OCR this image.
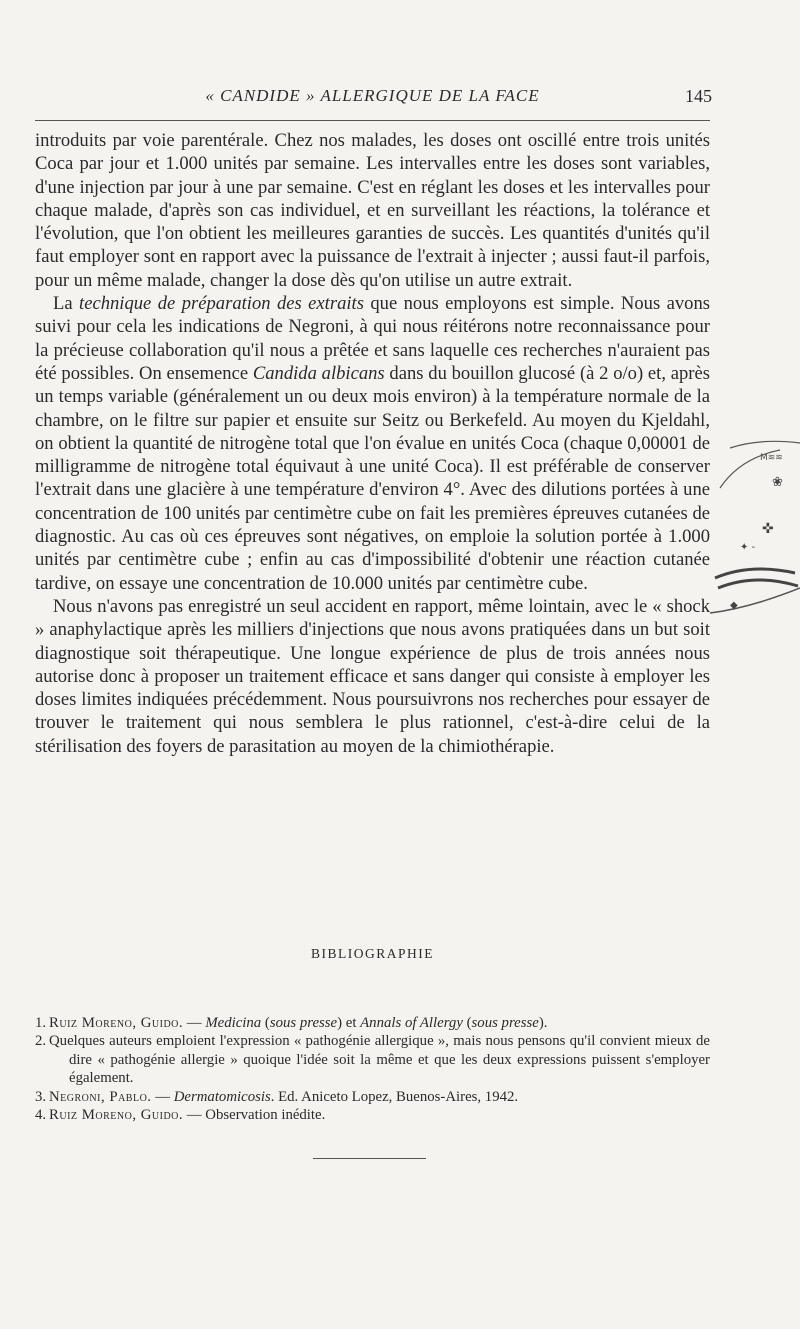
« CANDIDE » ALLERGIQUE DE LA FACE	145

introduits par voie parentérale. Chez nos malades, les doses ont oscillé entre trois unités Coca par jour et 1.000 unités par semaine. Les intervalles entre les doses sont variables, d'une injection par jour à une par semaine. C'est en réglant les doses et les intervalles pour chaque malade, d'après son cas individuel, et en surveillant les réactions, la tolérance et l'évolution, que l'on obtient les meilleures garanties de succès. Les quantités d'unités qu'il faut employer sont en rapport avec la puissance de l'extrait à injecter ; aussi faut-il parfois, pour un même malade, changer la dose dès qu'on utilise un autre extrait.

La technique de préparation des extraits que nous employons est simple. Nous avons suivi pour cela les indications de Negroni, à qui nous réitérons notre reconnaissance pour la précieuse collaboration qu'il nous a prêtée et sans laquelle ces recherches n'auraient pas été possibles. On ensemence Candida albicans dans du bouillon glucosé (à 2 o/o) et, après un temps variable (généralement un ou deux mois environ) à la température normale de la chambre, on le filtre sur papier et ensuite sur Seitz ou Berkefeld. Au moyen du Kjeldahl, on obtient la quantité de nitrogène total que l'on évalue en unités Coca (chaque 0,00001 de milligramme de nitrogène total équivaut à une unité Coca). Il est préférable de conserver l'extrait dans une glacière à une température d'environ 4°. Avec des dilutions portées à une concentration de 100 unités par centimètre cube on fait les premières épreuves cutanées de diagnostic. Au cas où ces épreuves sont négatives, on emploie la solution portée à 1.000 unités par centimètre cube ; enfin au cas d'impossibilité d'obtenir une réaction cutanée tardive, on essaye une concentration de 10.000 unités par centimètre cube.

Nous n'avons pas enregistré un seul accident en rapport, même lointain, avec le « shock » anaphylactique après les milliers d'injections que nous avons pratiquées dans un but soit diagnostique soit thérapeutique. Une longue expérience de plus de trois années nous autorise donc à proposer un traitement efficace et sans danger qui consiste à employer les doses limites indiquées précédemment. Nous poursuivrons nos recherches pour essayer de trouver le traitement qui nous semblera le plus rationnel, c'est-à-dire celui de la stérilisation des foyers de parasitation au moyen de la chimiothérapie.

M≋≋
❀
✜
✦ -
◆
BIBLIOGRAPHIE

1. Ruiz Moreno, Guido. — Medicina (sous presse) et Annals of Allergy (sous presse).

2. Quelques auteurs emploient l'expression « pathogénie allergique », mais nous pensons qu'il convient mieux de dire « pathogénie allergie » quoique l'idée soit la même et que les deux expressions puissent s'employer également.

3. Negroni, Pablo. — Dermatomicosis. Ed. Aniceto Lopez, Buenos-Aires, 1942.

4. Ruiz Moreno, Guido. — Observation inédite.
